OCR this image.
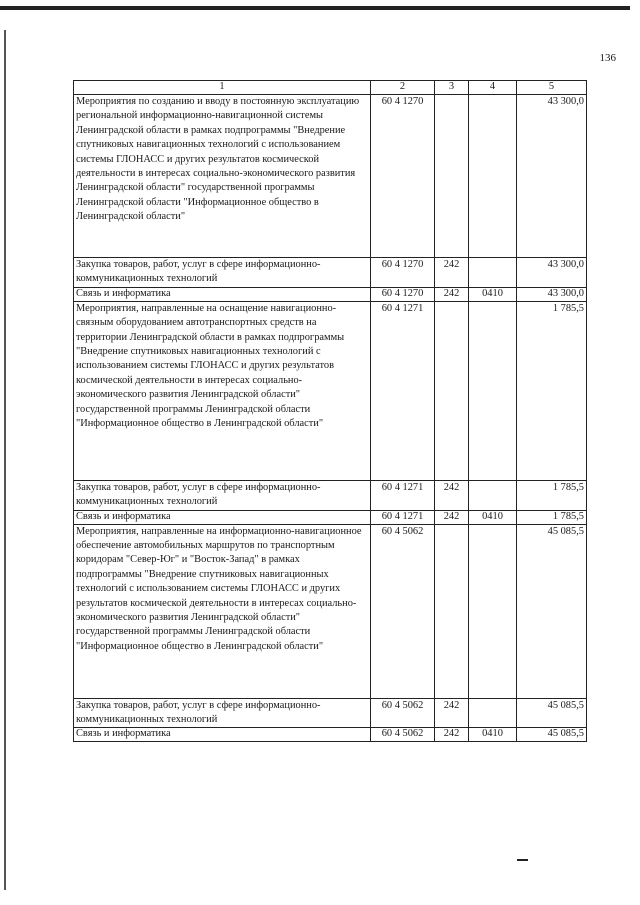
136
1	2	3	4	5
Мероприятия по созданию и вводу в постоянную эксплуатацию региональной информационно-навигационной системы Ленинградской области в рамках подпрограммы "Внедрение спутниковых навигационных технологий с использованием системы ГЛОНАСС и других результатов космической деятельности в интересах социально-экономического развития Ленинградской области" государственной программы Ленинградской области "Информационное общество в Ленинградской области"	60 4 1270			43 300,0
Закупка товаров, работ, услуг в сфере информационно-коммуникационных технологий	60 4 1270	242		43 300,0
Связь и информатика	60 4 1270	242	0410	43 300,0
Мероприятия, направленные на оснащение навигационно-связным оборудованием автотранспортных средств на территории Ленинградской области в рамках подпрограммы "Внедрение спутниковых навигационных технологий с использованием системы ГЛОНАСС и других результатов космической деятельности в интересах социально-экономического развития Ленинградской области" государственной программы Ленинградской области "Информационное общество в Ленинградской области"	60 4 1271			1 785,5
Закупка товаров, работ, услуг в сфере информационно-коммуникационных технологий	60 4 1271	242		1 785,5
Связь и информатика	60 4 1271	242	0410	1 785,5
Мероприятия, направленные на информационно-навигационное обеспечение автомобильных маршрутов по транспортным коридорам "Север-Юг" и "Восток-Запад" в рамках подпрограммы "Внедрение спутниковых навигационных технологий с использованием системы ГЛОНАСС и других результатов космической деятельности в интересах социально-экономического развития Ленинградской области" государственной программы Ленинградской области "Информационное общество в Ленинградской области"	60 4 5062			45 085,5
Закупка товаров, работ, услуг в сфере информационно-коммуникационных технологий	60 4 5062	242		45 085,5
Связь и информатика	60 4 5062	242	0410	45 085,5
